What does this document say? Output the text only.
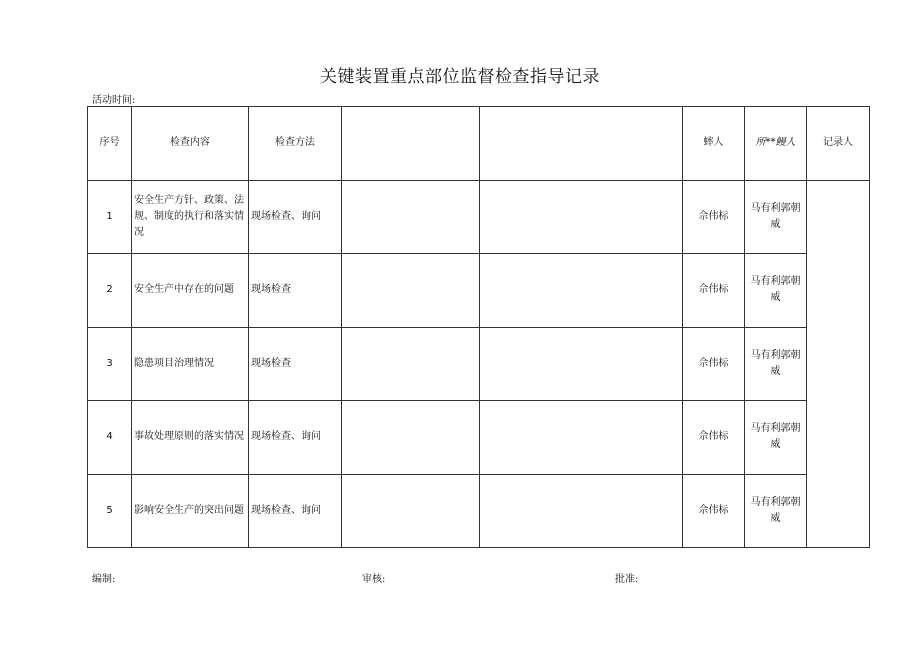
关键装置重点部位监督检查指导记录
活动时间:
序号	检查内容	检查方法			蟀人	所**鳗人	记录人
1	安全生产方针、政策、法规、制度的执行和落实情况	现场检查、询问			佘伟标	马有利郭朝威	
2	安全生产中存在的问题	现场检查			佘伟标	马有利郭朝威	
3	隐患项目治理情况	现场检查			佘伟标	马有利郭朝威	
4	事故处理原则的落实情况	现场检查、询问			佘伟标	马有利郭朝威	
5	影响安全生产的突出问题	现场检查、询问			佘伟标	马有利郭朝威	
编制:	审核:	批准:
